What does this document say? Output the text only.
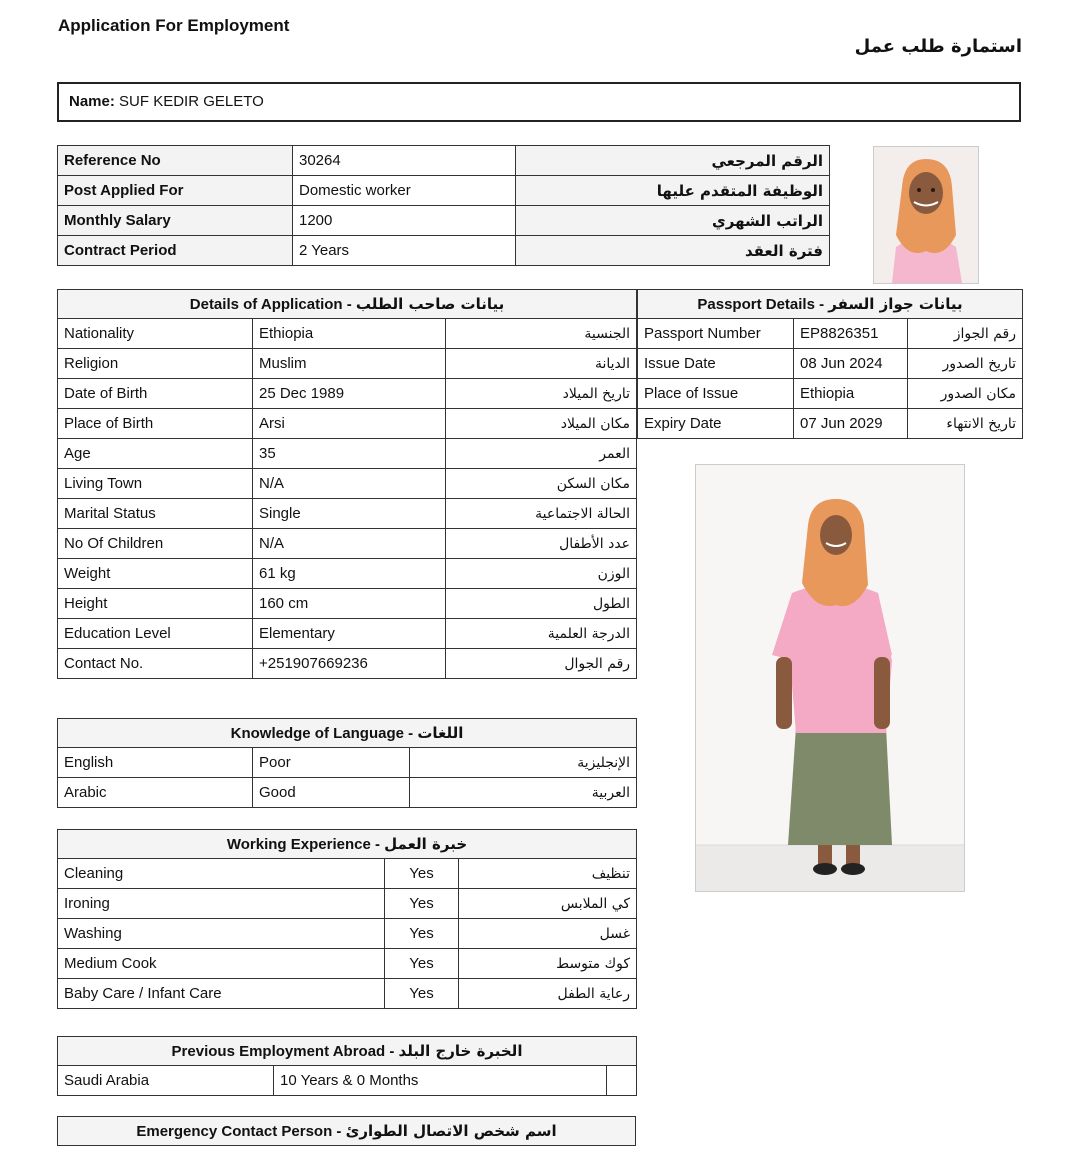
Application For Employment
استمارة طلب عمل
Name: SUF KEDIR GELETO
Reference No	30264	الرقم المرجعي
Post Applied For	Domestic worker	الوظيفة المتقدم عليها
Monthly Salary	1200	الراتب الشهري
Contract Period	2 Years	فترة العقد
Details of Application - بيانات صاحب الطلب		
Nationality	Ethiopia	الجنسية
Religion	Muslim	الديانة
Date of Birth	25 Dec 1989	تاريخ الميلاد
Place of Birth	Arsi	مكان الميلاد
Age	35	العمر
Living Town	N/A	مكان السكن
Marital Status	Single	الحالة الاجتماعية
No Of Children	N/A	عدد الأطفال
Weight	61 kg	الوزن
Height	160 cm	الطول
Education Level	Elementary	الدرجة العلمية
Contact No.	+251907669236	رقم الجوال
Passport Details - بيانات جواز السفر		
Passport Number	EP8826351	رقم الجواز
Issue Date	08 Jun 2024	تاريخ الصدور
Place of Issue	Ethiopia	مكان الصدور
Expiry Date	07 Jun 2029	تاريخ الانتهاء
Knowledge of Language - اللغات		
English	Poor	الإنجليزية
Arabic	Good	العربية
Working Experience - خبرة العمل		
Cleaning	Yes	تنظيف
Ironing	Yes	كي الملابس
Washing	Yes	غسل
Medium Cook	Yes	كوك متوسط
Baby Care / Infant Care	Yes	رعاية الطفل
Previous Employment Abroad - الخبرة خارج البلد
Saudi Arabia	10 Years & 0 Months	
Emergency Contact Person - اسم شخص الاتصال الطوارئ
